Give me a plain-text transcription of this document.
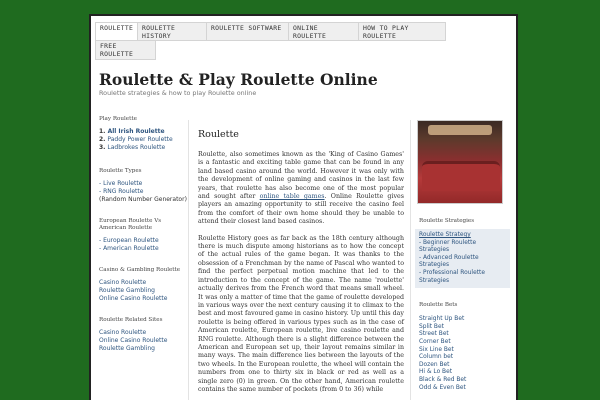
ROULETTE	ROULETTE HISTORY
ROULETTE SOFTWARE	ONLINE ROULETTE
HOW TO PLAY ROULETTE
FREE ROULETTE
Roulette & Play Roulette Online
Roulette strategies & how to play Roulette online
Play Roulette
1. All Irish Roulette
2. Paddy Power Roulette
3. Ladbrokes Roulette
Roulette Types
- Live Roulette
- RNG Roulette
(Random Number Generator)
European Roulette Vs American Roulette
- European Roulette
- American Roulette
Casino & Gambling Roulette
Casino Roulette
Roulette Gambling
Online Casino Roulette
Roulette Related Sites
Casino Roulette
Online Casino Roulette
Roulette Gambling
Roulette

Roulette, also sometimes known as the 'King of Casino Games' is a fantastic and exciting table game that can be found in any land based casino around the world. However it was only with the development of online gaming and casinos in the last few years, that roulette has also become one of the most popular and sought after online table games. Online Roulette gives players an amazing opportunity to still receive the casino feel from the comfort of their own home should they be unable to attend their closest land based casinos.

Roulette History goes as far back as the 18th century although there is much dispute among historians as to how the concept of the actual rules of the game began. It was thanks to the obsession of a Frenchman by the name of Pascal who wanted to find the perfect perpetual motion machine that led to the introduction to the concept of the game. The name 'roulette' actually derives from the French word that means small wheel. It was only a matter of time that the game of roulette developed in various ways over the next century causing it to climax to the best and most favoured game in casino history. Up until this day roulette is being offered in various types such as in the case of American roulette, European roulette, live casino roulette and RNG roulette. Although there is a slight difference between the American and European set up, their layout remains similar in many ways. The main difference lies between the layouts of the two wheels. In the European roulette, the wheel will contain the numbers from one to thirty six in black or red as well as a single zero (0) in green. On the other hand, American roulette contains the same number of pockets (from 0 to 36) while

Roulette Strategies
Roulette Strategy
- Beginner Roulette Strategies
- Advanced Roulette Strategies
- Professional Roulette Strategies
Roulette Bets
Straight Up Bet
Split Bet
Street Bet
Corner Bet
Six Line Bet
Column bet
Dozen Bet
Hi & Lo Bet
Black & Red Bet
Odd & Even Bet
